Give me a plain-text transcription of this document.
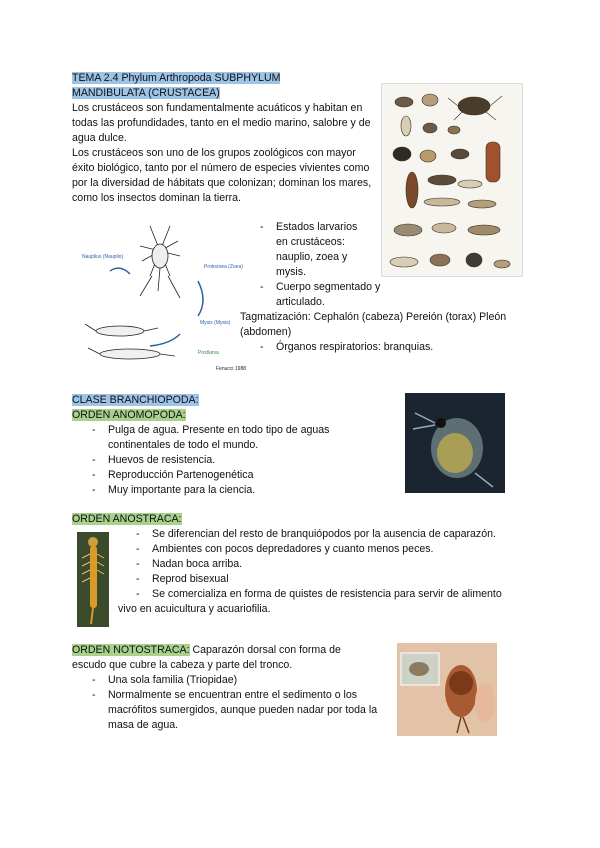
TEMA 2.4 Phylum Arthropoda SUBPHYLUM
MANDIBULATA (CRUSTACEA)

Los crustáceos son fundamentalmente acuáticos y habitan en todas las profundidades, tanto en el medio marino, salobre y de agua dulce.

Los crustáceos son uno de los grupos zoológicos con mayor éxito biológico, tanto por el número de especies vivientes como por la diversidad de hábitats que colonizan; dominan los mares, como los insectos dominan la tierra.

Nauplius (Nauplio)
Protozoea (Zoea)
Mysis (Mysis)
Postlarva
Fenucci 1988
- Estados larvarios en crustáceos: nauplio, zoea y mysis.
- Cuerpo segmentado y articulado.

Tagmatización: Cephalón (cabeza) Pereión (torax) Pleón (abdomen)

- Órganos respiratorios: branquias.

CLASE BRANCHIOPODA:

ORDEN ANOMOPODA:

- Pulga de agua. Presente en todo tipo de aguas continentales de todo el mundo.
- Huevos de resistencia.
- Reproducción Partenogenética
- Muy importante para la ciencia.

ORDEN ANOSTRACA:

- Se diferencian del resto de branquiópodos por la ausencia de caparazón.
- Ambientes con pocos depredadores y cuanto menos peces.
- Nadan boca arriba.
- Reprod bisexual
- Se comercializa en forma de quistes de resistencia para servir de alimento

vivo en acuicultura y acuariofilia.

ORDEN NOTOSTRACA: Caparazón dorsal con forma de escudo que cubre la cabeza y parte del tronco.

- Una sola familia (Triopidae)
- Normalmente se encuentran entre el sedimento o los macrófitos sumergidos, aunque pueden nadar por toda la masa de agua.
